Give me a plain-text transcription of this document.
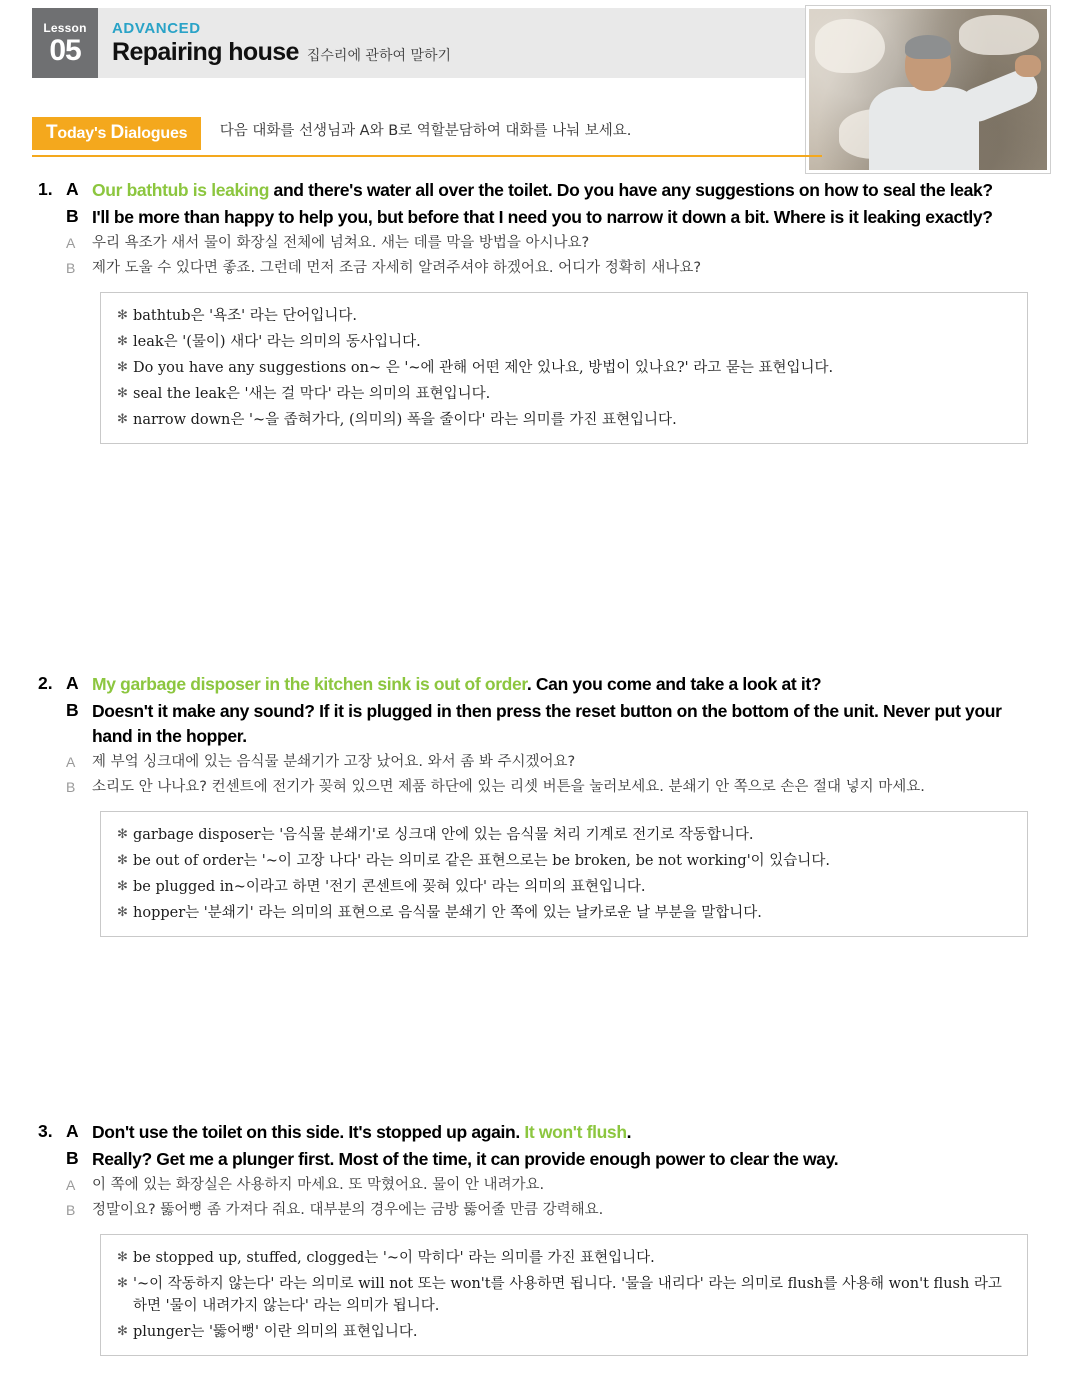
Lesson
05
ADVANCED
Repairing house 집수리에 관하여 말하기
Today's Dialogues 다음 대화를 선생님과 A와 B로 역할분담하여 대화를 나눠 보세요.
1. A Our bathtub is leaking and there's water all over the toilet. Do you have any suggestions on how to seal the leak?
B I'll be more than happy to help you, but before that I need you to narrow it down a bit. Where is it leaking exactly?
A	우리 욕조가 새서 물이 화장실 전체에 넘쳐요. 새는 데를 막을 방법을 아시나요?
B	제가 도울 수 있다면 좋죠. 그런데 먼저 조금 자세히 알려주셔야 하겠어요. 어디가 정확히 새나요?
✻ bathtub은 '욕조' 라는 단어입니다.
✻ leak은 '(물이) 새다' 라는 의미의 동사입니다.
✻ Do you have any suggestions on~ 은 '~에 관해 어떤 제안 있나요, 방법이 있나요?' 라고 묻는 표현입니다.
✻ seal the leak은 '새는 걸 막다' 라는 의미의 표현입니다.
✻ narrow down은 '~을 좁혀가다, (의미의) 폭을 줄이다' 라는 의미를 가진 표현입니다.
2. A My garbage disposer in the kitchen sink is out of order. Can you come and take a look at it?
B Doesn't it make any sound? If it is plugged in then press the reset button on the bottom of the unit. Never put your hand in the hopper.
A	제 부엌 싱크대에 있는 음식물 분쇄기가 고장 났어요. 와서 좀 봐 주시겠어요?
B	소리도 안 나나요? 컨센트에 전기가 꽂혀 있으면 제품 하단에 있는 리셋 버튼을 눌러보세요. 분쇄기 안 쪽으로 손은 절대 넣지 마세요.
✻ garbage disposer는 '음식물 분쇄기'로 싱크대 안에 있는 음식물 처리 기계로 전기로 작동합니다.
✻ be out of order는 '~이 고장 나다' 라는 의미로 같은 표현으로는 be broken, be not working'이 있습니다.
✻ be plugged in~이라고 하면 '전기 콘센트에 꽂혀 있다' 라는 의미의 표현입니다.
✻ hopper는 '분쇄기' 라는 의미의 표현으로 음식물 분쇄기 안 쪽에 있는 날카로운 날 부분을 말합니다.
3. A Don't use the toilet on this side. It's stopped up again. It won't flush.
B Really? Get me a plunger first. Most of the time, it can provide enough power to clear the way.
A	이 쪽에 있는 화장실은 사용하지 마세요. 또 막혔어요. 물이 안 내려가요.
B	정말이요? 뚫어뻥 좀 가져다 줘요. 대부분의 경우에는 금방 뚫어줄 만큼 강력해요.
✻ be stopped up, stuffed, clogged는 '~이 막히다' 라는 의미를 가진 표현입니다.
✻ '~이 작동하지 않는다' 라는 의미로 will not 또는 won't를 사용하면 됩니다. '물을 내리다' 라는 의미로 flush를 사용해 won't flush 라고 하면 '물이 내려가지 않는다' 라는 의미가 됩니다.
✻ plunger는 '뚫어뻥' 이란 의미의 표현입니다.
